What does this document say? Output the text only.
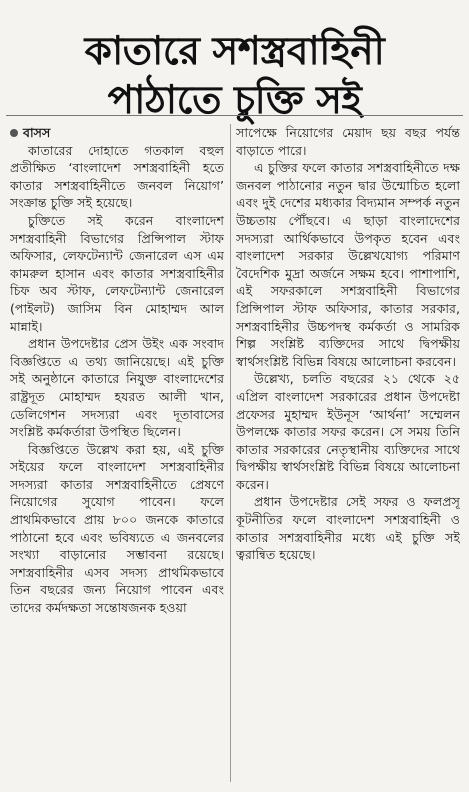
কাতারে সশস্ত্রবাহিনী
পাঠাতে চুক্তি সই
বাসস

কাতারের দোহাতে গতকাল বহুল প্রতীক্ষিত ‘বাংলাদেশ সশস্ত্রবাহিনী হতে কাতার সশস্ত্রবাহিনীতে জনবল নিয়োগ’ সংক্রান্ত চুক্তি সই হয়েছে।

চুক্তিতে সই করেন বাংলাদেশ সশস্ত্রবাহিনী বিভাগের প্রিন্সিপাল স্টাফ অফিসার, লেফটেন্যান্ট জেনারেল এস এম কামরুল হাসান এবং কাতার সশস্ত্রবাহিনীর চিফ অব স্টাফ, লেফটেন্যান্ট জেনারেল (পাইলট) জাসিম বিন মোহাম্মদ আল মান্নাই।

প্রধান উপদেষ্টার প্রেস উইং এক সংবাদ বিজ্ঞপ্তিতে এ তথ্য জানিয়েছে। এই চুক্তি সই অনুষ্ঠানে কাতারে নিযুক্ত বাংলাদেশের রাষ্ট্রদূত মোহাম্মদ হযরত আলী খান, ডেলিগেশন সদস্যরা এবং দূতাবাসের সংশ্লিষ্ট কর্মকর্তারা উপস্থিত ছিলেন।

বিজ্ঞপ্তিতে উল্লেখ করা হয়, এই চুক্তি সইয়ের ফলে বাংলাদেশ সশস্ত্রবাহিনীর সদস্যরা কাতার সশস্ত্রবাহিনীতে প্রেষণে নিয়োগের সুযোগ পাবেন। ফলে প্রাথমিকভাবে প্রায় ৮০০ জনকে কাতারে পাঠানো হবে এবং ভবিষ্যতে এ জনবলের সংখ্যা বাড়ানোর সম্ভাবনা রয়েছে। সশস্ত্রবাহিনীর এসব সদস্য প্রাথমিকভাবে তিন বছরের জন্য নিয়োগ পাবেন এবং তাদের কর্মদক্ষতা সন্তোষজনক হওয়া

সাপেক্ষে নিয়োগের মেয়াদ ছয় বছর পর্যন্ত বাড়াতে পারে।

এ চুক্তির ফলে কাতার সশস্ত্রবাহিনীতে দক্ষ জনবল পাঠানোর নতুন দ্বার উন্মোচিত হলো এবং দুই দেশের মধ্যকার বিদ্যমান সম্পর্ক নতুন উচ্চতায় পৌঁছবে। এ ছাড়া বাংলাদেশের সদস্যরা আর্থিকভাবে উপকৃত হবেন এবং বাংলাদেশ সরকার উল্লেখযোগ্য পরিমাণ বৈদেশিক মুদ্রা অর্জনে সক্ষম হবে। পাশাপাশি, এই সফরকালে সশস্ত্রবাহিনী বিভাগের প্রিন্সিপাল স্টাফ অফিসার, কাতার সরকার, সশস্ত্রবাহিনীর উচ্চপদস্থ কর্মকর্তা ও সামরিক শিল্প সংশ্লিষ্ট ব্যক্তিদের সাথে দ্বিপক্ষীয় স্বার্থসংশ্লিষ্ট বিভিন্ন বিষয়ে আলোচনা করবেন।

উল্লেখ্য, চলতি বছরের ২১ থেকে ২৫ এপ্রিল বাংলাদেশ সরকারের প্রধান উপদেষ্টা প্রফেসর মুহাম্মদ ইউনূস ‘আর্থনা’ সম্মেলন উপলক্ষে কাতার সফর করেন। সে সময় তিনি কাতার সরকারের নেতৃস্থানীয় ব্যক্তিদের সাথে দ্বিপক্ষীয় স্বার্থসংশ্লিষ্ট বিভিন্ন বিষয়ে আলোচনা করেন।

প্রধান উপদেষ্টার সেই সফর ও ফলপ্রসূ কূটনীতির ফলে বাংলাদেশ সশস্ত্রবাহিনী ও কাতার সশস্ত্রবাহিনীর মধ্যে এই চুক্তি সই ত্বরান্বিত হয়েছে।
